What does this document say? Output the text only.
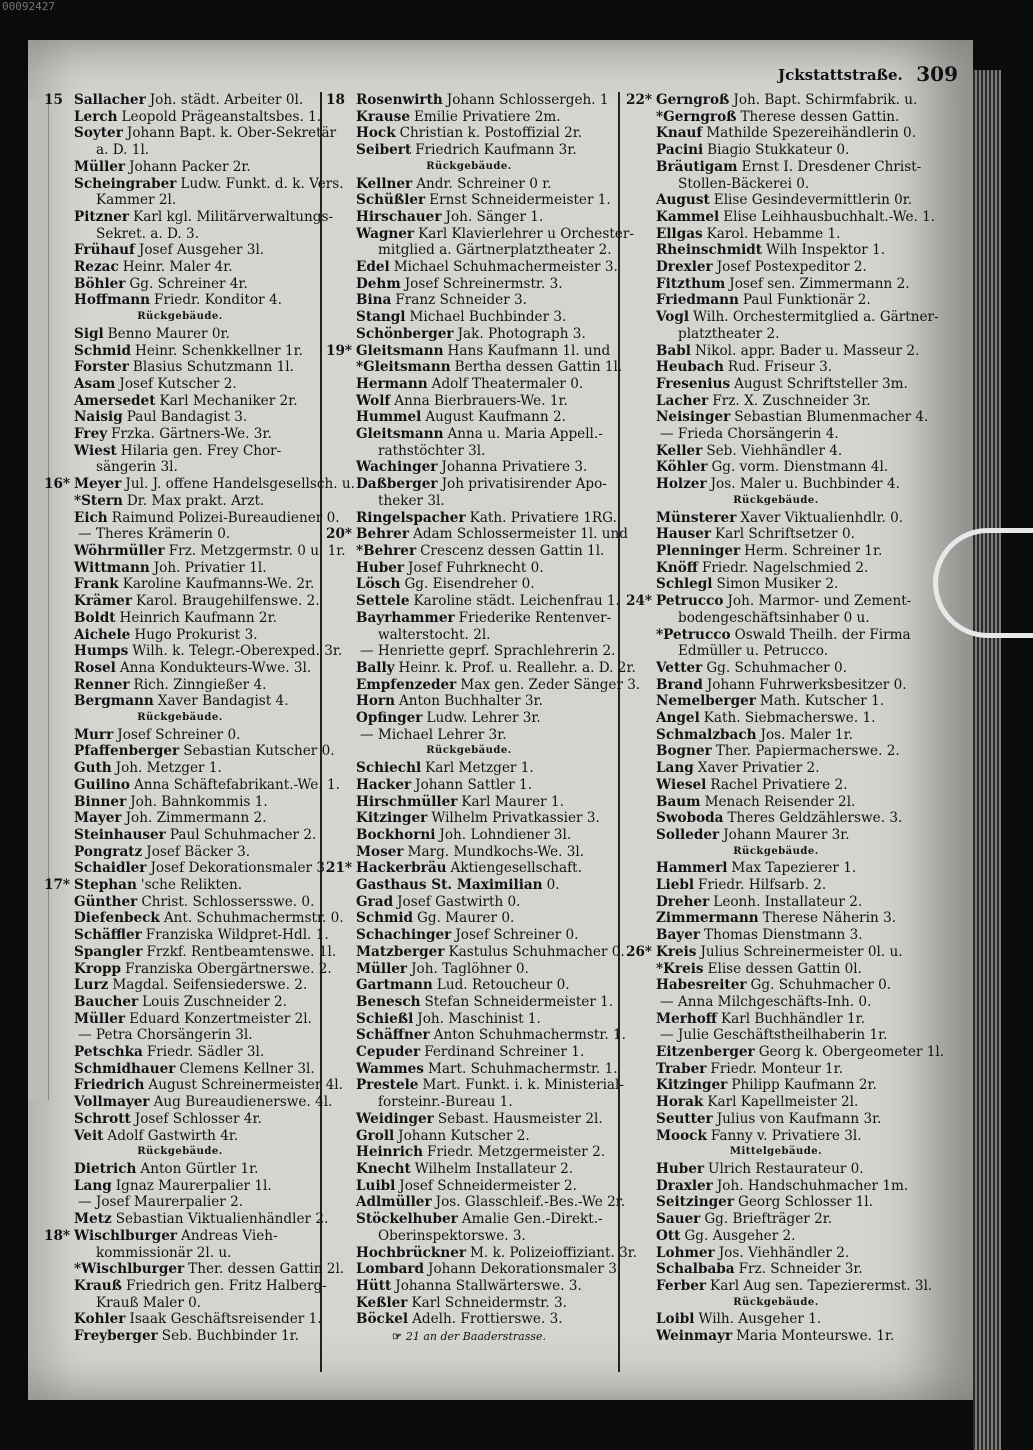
00092427
Jckstattstraße. 309
15 Sallacher Joh. städt. Arbeiter 0l.
Lerch Leopold Prägeanstaltsbes. 1.
Soyter Johann Bapt. k. Ober-Sekretär
a. D. 1l.
Müller Johann Packer 2r.
Scheingraber Ludw. Funkt. d. k. Vers.
Kammer 2l.
Pitzner Karl kgl. Militärverwaltungs-
Sekret. a. D. 3.
Frühauf Josef Ausgeher 3l.
Rezac Heinr. Maler 4r.
Böhler Gg. Schreiner 4r.
Hoffmann Friedr. Konditor 4.
Rückgebäude.
Sigl Benno Maurer 0r.
Schmid Heinr. Schenkkellner 1r.
Forster Blasius Schutzmann 1l.
Asam Josef Kutscher 2.
Amersedet Karl Mechaniker 2r.
Naisig Paul Bandagist 3.
Frey Frzka. Gärtners-We. 3r.
Wiest Hilaria gen. Frey Chor-
sängerin 3l.
16* Meyer Jul. J. offene Handelsgesellsch. u.
*Stern Dr. Max prakt. Arzt.
Eich Raimund Polizei-Bureaudiener 0.
— Theres Krämerin 0.
Wöhrmüller Frz. Metzgermstr. 0 u. 1r.
Wittmann Joh. Privatier 1l.
Frank Karoline Kaufmanns-We. 2r.
Krämer Karol. Braugehilfenswe. 2.
Boldt Heinrich Kaufmann 2r.
Aichele Hugo Prokurist 3.
Humps Wilh. k. Telegr.-Oberexped. 3r.
Rosel Anna Kondukteurs-Wwe. 3l.
Renner Rich. Zinngießer 4.
Bergmann Xaver Bandagist 4.
Rückgebäude.
Murr Josef Schreiner 0.
Pfaffenberger Sebastian Kutscher 0.
Guth Joh. Metzger 1.
Guilino Anna Schäftefabrikant.-We. 1.
Binner Joh. Bahnkommis 1.
Mayer Joh. Zimmermann 2.
Steinhauser Paul Schuhmacher 2.
Pongratz Josef Bäcker 3.
Schaidler Josef Dekorationsmaler 3.
17* Stephan 'sche Relikten.
Günther Christ. Schlossersswe. 0.
Diefenbeck Ant. Schuhmachermstr. 0.
Schäffler Franziska Wildpret-Hdl. 1.
Spangler Frzkf. Rentbeamtenswe. 1l.
Kropp Franziska Obergärtnerswe. 2.
Lurz Magdal. Seifensiederswe. 2.
Baucher Louis Zuschneider 2.
Müller Eduard Konzertmeister 2l.
— Petra Chorsängerin 3l.
Petschka Friedr. Sädler 3l.
Schmidhauer Clemens Kellner 3l.
Friedrich August Schreinermeister 4l.
Vollmayer Aug Bureaudienerswe. 4l.
Schrott Josef Schlosser 4r.
Veit Adolf Gastwirth 4r.
Rückgebäude.
Dietrich Anton Gürtler 1r.
Lang Ignaz Maurerpalier 1l.
— Josef Maurerpalier 2.
Metz Sebastian Viktualienhändler 2.
18* Wischlburger Andreas Vieh-
kommissionär 2l. u.
*Wischlburger Ther. dessen Gattin 2l.
Krauß Friedrich gen. Fritz Halberg-
Krauß Maler 0.
Kohler Isaak Geschäftsreisender 1.
Freyberger Seb. Buchbinder 1r.
18 Rosenwirth Johann Schlossergeh. 1
Krause Emilie Privatiere 2m.
Hock Christian k. Postoffizial 2r.
Seibert Friedrich Kaufmann 3r.
Rückgebäude.
Kellner Andr. Schreiner 0 r.
Schüßler Ernst Schneidermeister 1.
Hirschauer Joh. Sänger 1.
Wagner Karl Klavierlehrer u Orchester-
mitglied a. Gärtnerplatztheater 2.
Edel Michael Schuhmachermeister 3.
Dehm Josef Schreinermstr. 3.
Bina Franz Schneider 3.
Stangl Michael Buchbinder 3.
Schönberger Jak. Photograph 3.
19* Gleitsmann Hans Kaufmann 1l. und
*Gleitsmann Bertha dessen Gattin 1l.
Hermann Adolf Theatermaler 0.
Wolf Anna Bierbrauers-We. 1r.
Hummel August Kaufmann 2.
Gleitsmann Anna u. Maria Appell.-
rathstöchter 3l.
Wachinger Johanna Privatiere 3.
Daßberger Joh privatisirender Apo-
theker 3l.
Ringelspacher Kath. Privatiere 1RG.
20* Behrer Adam Schlossermeister 1l. und
*Behrer Crescenz dessen Gattin 1l.
Huber Josef Fuhrknecht 0.
Lösch Gg. Eisendreher 0.
Settele Karoline städt. Leichenfrau 1.
Bayrhammer Friederike Rentenver-
walterstocht. 2l.
— Henriette geprf. Sprachlehrerin 2.
Bally Heinr. k. Prof. u. Reallehr. a. D. 2r.
Empfenzeder Max gen. Zeder Sänger 3.
Horn Anton Buchhalter 3r.
Opfinger Ludw. Lehrer 3r.
— Michael Lehrer 3r.
Rückgebäude.
Schiechl Karl Metzger 1.
Hacker Johann Sattler 1.
Hirschmüller Karl Maurer 1.
Kitzinger Wilhelm Privatkassier 3.
Bockhorni Joh. Lohndiener 3l.
Moser Marg. Mundkochs-We. 3l.
21* Hackerbräu Aktiengesellschaft.
Gasthaus St. Maximilian 0.
Grad Josef Gastwirth 0.
Schmid Gg. Maurer 0.
Schachinger Josef Schreiner 0.
Matzberger Kastulus Schuhmacher 0.
Müller Joh. Taglöhner 0.
Gartmann Lud. Retoucheur 0.
Benesch Stefan Schneidermeister 1.
Schießl Joh. Maschinist 1.
Schäffner Anton Schuhmachermstr. 1.
Cepuder Ferdinand Schreiner 1.
Wammes Mart. Schuhmachermstr. 1.
Prestele Mart. Funkt. i. k. Ministerial-
forsteinr.-Bureau 1.
Weidinger Sebast. Hausmeister 2l.
Groll Johann Kutscher 2.
Heinrich Friedr. Metzgermeister 2.
Knecht Wilhelm Installateur 2.
Luibl Josef Schneidermeister 2.
Adlmüller Jos. Glasschleif.-Bes.-We 2r.
Stöckelhuber Amalie Gen.-Direkt.-
Oberinspektorswe. 3.
Hochbrückner M. k. Polizeioffiziant. 3r.
Lombard Johann Dekorationsmaler 3.
Hütt Johanna Stallwärterswe. 3.
Keßler Karl Schneidermstr. 3.
Böckel Adelh. Frottierswe. 3.
☞ 21 an der Baaderstrasse.
22* Gerngroß Joh. Bapt. Schirmfabrik. u.
*Gerngroß Therese dessen Gattin.
Knauf Mathilde Spezereihändlerin 0.
Pacini Biagio Stukkateur 0.
Bräutigam Ernst I. Dresdener Christ-
Stollen-Bäckerei 0.
August Elise Gesindevermittlerin 0r.
Kammel Elise Leihhausbuchhalt.-We. 1.
Ellgas Karol. Hebamme 1.
Rheinschmidt Wilh Inspektor 1.
Drexler Josef Postexpeditor 2.
Fitzthum Josef sen. Zimmermann 2.
Friedmann Paul Funktionär 2.
Vogl Wilh. Orchestermitglied a. Gärtner-
platztheater 2.
Babl Nikol. appr. Bader u. Masseur 2.
Heubach Rud. Friseur 3.
Fresenius August Schriftsteller 3m.
Lacher Frz. X. Zuschneider 3r.
Neisinger Sebastian Blumenmacher 4.
— Frieda Chorsängerin 4.
Keller Seb. Viehhändler 4.
Köhler Gg. vorm. Dienstmann 4l.
Holzer Jos. Maler u. Buchbinder 4.
Rückgebäude.
Münsterer Xaver Viktualienhdlr. 0.
Hauser Karl Schriftsetzer 0.
Plenninger Herm. Schreiner 1r.
Knöff Friedr. Nagelschmied 2.
Schlegl Simon Musiker 2.
24* Petrucco Joh. Marmor- und Zement-
bodengeschäftsinhaber 0 u.
*Petrucco Oswald Theilh. der Firma
Edmüller u. Petrucco.
Vetter Gg. Schuhmacher 0.
Brand Johann Fuhrwerksbesitzer 0.
Nemelberger Math. Kutscher 1.
Angel Kath. Siebmacherswe. 1.
Schmalzbach Jos. Maler 1r.
Bogner Ther. Papiermacherswe. 2.
Lang Xaver Privatier 2.
Wiesel Rachel Privatiere 2.
Baum Menach Reisender 2l.
Swoboda Theres Geldzählerswe. 3.
Solleder Johann Maurer 3r.
Rückgebäude.
Hammerl Max Tapezierer 1.
Liebl Friedr. Hilfsarb. 2.
Dreher Leonh. Installateur 2.
Zimmermann Therese Näherin 3.
Bayer Thomas Dienstmann 3.
26* Kreis Julius Schreinermeister 0l. u.
*Kreis Elise dessen Gattin 0l.
Habesreiter Gg. Schuhmacher 0.
— Anna Milchgeschäfts-Inh. 0.
Merhoff Karl Buchhändler 1r.
— Julie Geschäftstheilhaberin 1r.
Eitzenberger Georg k. Obergeometer 1l.
Traber Friedr. Monteur 1r.
Kitzinger Philipp Kaufmann 2r.
Horak Karl Kapellmeister 2l.
Seutter Julius von Kaufmann 3r.
Moock Fanny v. Privatiere 3l.
Mittelgebäude.
Huber Ulrich Restaurateur 0.
Draxler Joh. Handschuhmacher 1m.
Seitzinger Georg Schlosser 1l.
Sauer Gg. Briefträger 2r.
Ott Gg. Ausgeher 2.
Lohmer Jos. Viehhändler 2.
Schalbaba Frz. Schneider 3r.
Ferber Karl Aug sen. Tapezierermst. 3l.
Rückgebäude.
Loibl Wilh. Ausgeher 1.
Weinmayr Maria Monteurswe. 1r.
